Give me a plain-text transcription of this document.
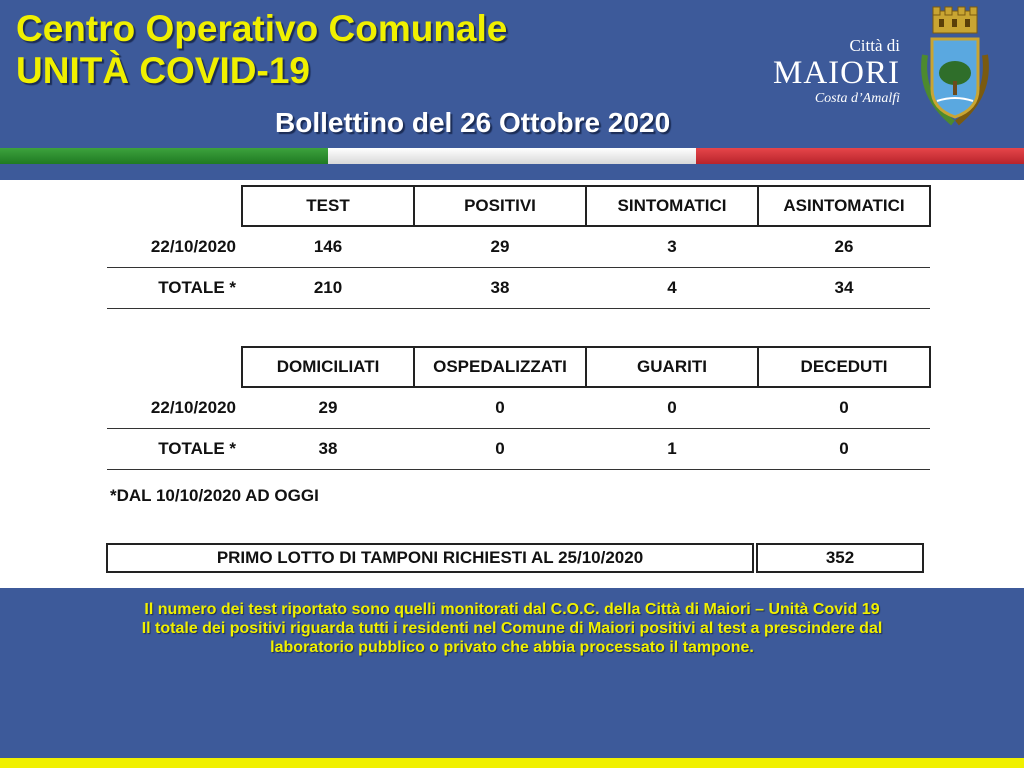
Centro Operativo Comunale
UNITÀ COVID-19
Bollettino del 26 Ottobre 2020
Città di
MAIORI
Costa d’Amalfi
	TEST	POSITIVI	SINTOMATICI	ASINTOMATICI
22/10/2020	146	29	3	26
TOTALE *	210	38	4	34
	DOMICILIATI	OSPEDALIZZATI	GUARITI	DECEDUTI
22/10/2020	29	0	0	0
TOTALE *	38	0	1	0
*DAL 10/10/2020 AD OGGI
PRIMO LOTTO DI TAMPONI RICHIESTI AL 25/10/2020	352
Il numero dei test riportato sono quelli monitorati dal C.O.C. della Città di Maiori – Unità Covid 19
Il totale dei positivi riguarda tutti i residenti nel Comune di Maiori positivi al test a prescindere dal
laboratorio pubblico o privato che abbia processato il tampone.
